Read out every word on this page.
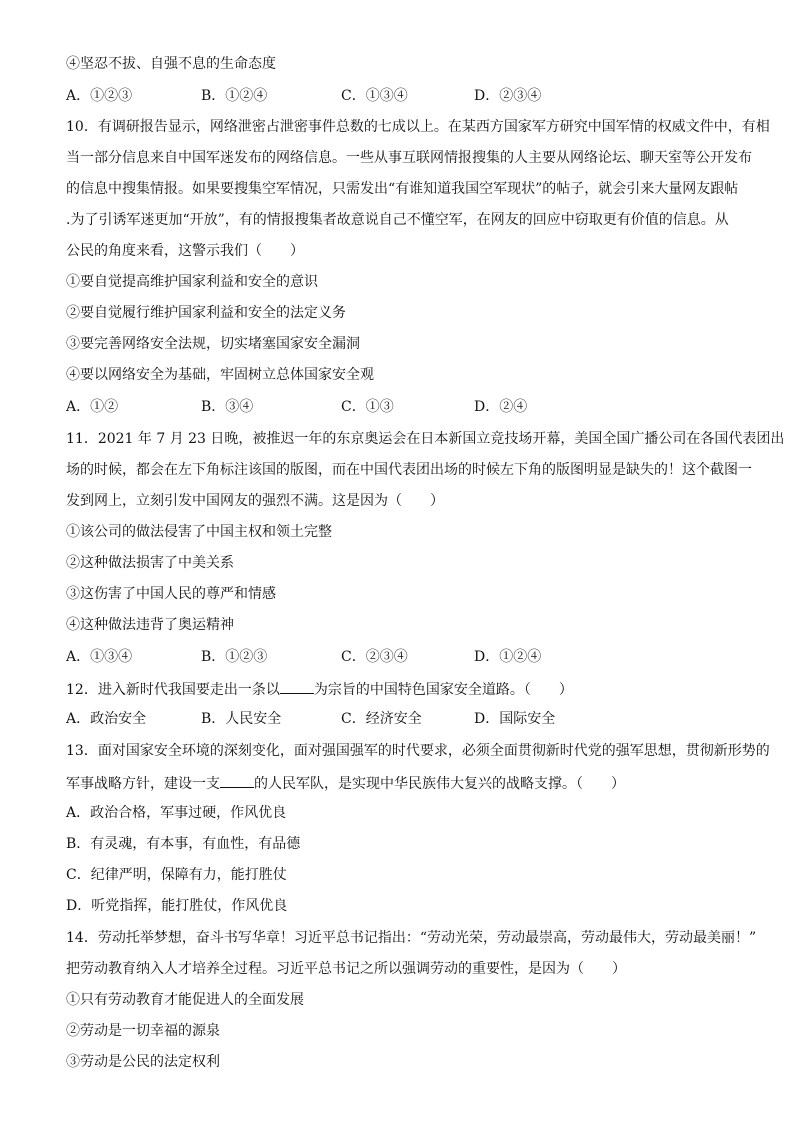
④坚忍不拔、自强不息的生命态度
A．①②③	B．①②④	C．①③④	D．②③④
10．有调研报告显示，网络泄密占泄密事件总数的七成以上。在某西方国家军方研究中国军情的权威文件中，有相
当一部分信息来自中国军迷发布的网络信息。一些从事互联网情报搜集的人主要从网络论坛、聊天室等公开发布
的信息中搜集情报。如果要搜集空军情况，只需发出“有谁知道我国空军现状”的帖子，就会引来大量网友跟帖
.为了引诱军迷更加“开放”，有的情报搜集者故意说自己不懂空军，在网友的回应中窃取更有价值的信息。从
公民的角度来看，这警示我们（　　）
①要自觉提高维护国家利益和安全的意识
②要自觉履行维护国家利益和安全的法定义务
③要完善网络安全法规，切实堵塞国家安全漏洞
④要以网络安全为基础，牢固树立总体国家安全观
A．①②	B．③④	C．①③	D．②④
11．2021 年 7 月 23 日晚，被推迟一年的东京奥运会在日本新国立竞技场开幕，美国全国广播公司在各国代表团出
场的时候，都会在左下角标注该国的版图，而在中国代表团出场的时候左下角的版图明显是缺失的！这个截图一
发到网上，立刻引发中国网友的强烈不满。这是因为（　　）
①该公司的做法侵害了中国主权和领土完整
②这种做法损害了中美关系
③这伤害了中国人民的尊严和情感
④这种做法违背了奥运精神
A．①③④	B．①②③	C．②③④	D．①②④
12．进入新时代我国要走出一条以 为宗旨的中国特色国家安全道路。（　　）
A．政治安全	B．人民安全	C．经济安全	D．国际安全
13．面对国家安全环境的深刻变化，面对强国强军的时代要求，必须全面贯彻新时代党的强军思想，贯彻新形势的
军事战略方针，建设一支 的人民军队，是实现中华民族伟大复兴的战略支撑。（　　）
A．政治合格，军事过硬，作风优良
B．有灵魂，有本事，有血性，有品德
C．纪律严明，保障有力，能打胜仗
D．听党指挥，能打胜仗，作风优良
14．劳动托举梦想，奋斗书写华章！习近平总书记指出：“劳动光荣，劳动最崇高，劳动最伟大，劳动最美丽！”
把劳动教育纳入人才培养全过程。习近平总书记之所以强调劳动的重要性，是因为（　　）
①只有劳动教育才能促进人的全面发展
②劳动是一切幸福的源泉
③劳动是公民的法定权利
